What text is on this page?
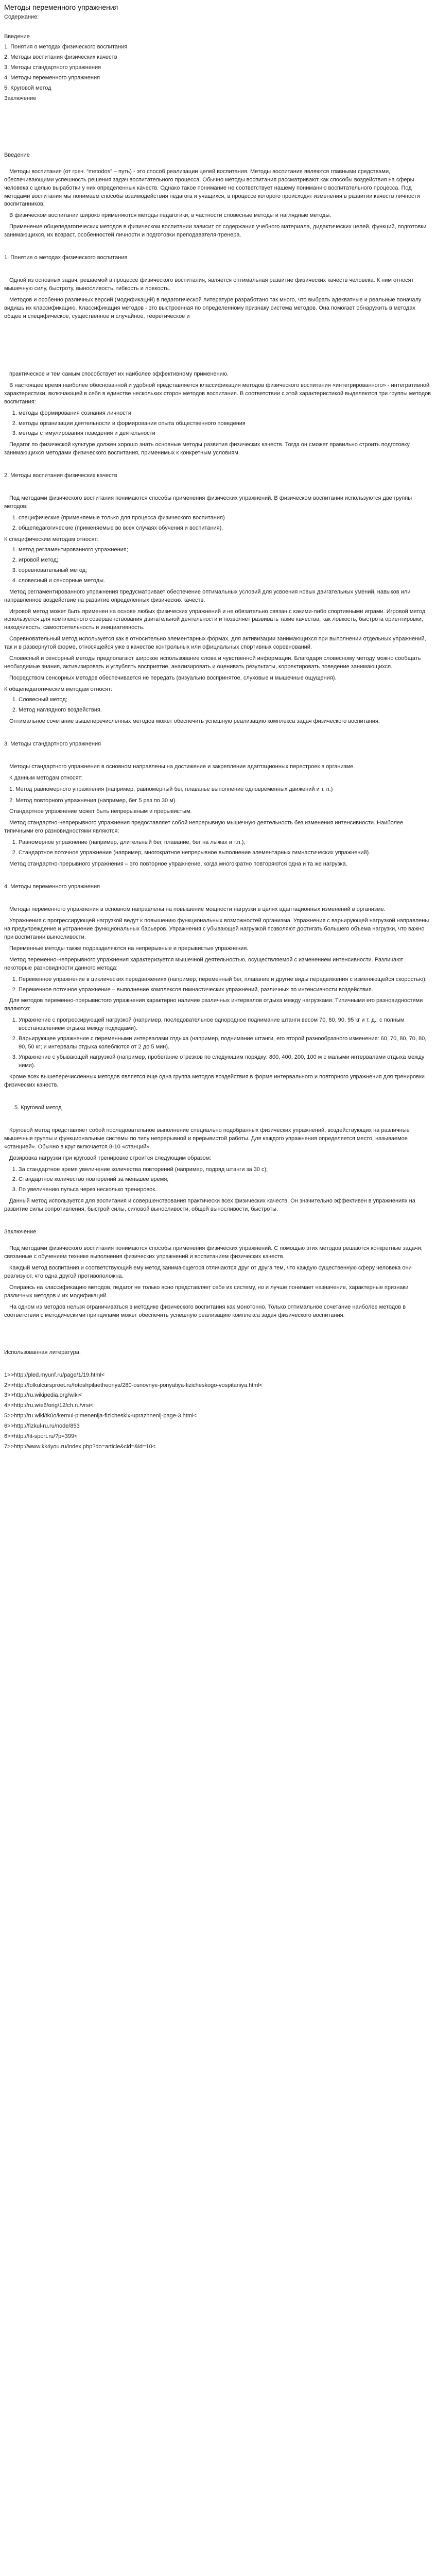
Методы переменного упражнения

Содержание:

Введение

1. Понятия о методах физического воспитания

2. Методы воспитания физических качеств

3. Методы стандартного упражнения

4. Методы переменного упражнения

5. Круговой метод

Заключение

Введение

Методы воспитания (от греч. “metodos” – путь) - это способ реализации целей воспитания. Методы воспитания являются главными средствами, обеспечивающими успешность решения задач воспитательного процесса. Обычно методы воспитания рассматривают как способы воздействия на сферы человека с целью выработки у них определенных качеств. Однако такое понимание не соответствует нашему пониманию воспитательного процесса. Под методами воспитания мы понимаем способы взаимодействия педагога и учащихся, в процессе которого происходят изменения в развитии качеств личности воспитанников.

В физическом воспитании широко применяются методы педагогики, в частности словесные методы и наглядные методы.

Применение общепедагогических методов в физическом воспитании зависит от содержания учебного материала, дидактических целей, функций, подготовки занимающихся, их возраст, особенностей личности и подготовки преподавателя-тренера.

1. Понятие о методах физического воспитания

Одной из основных задач, решаемой в процессе физического воспитания, является оптимальная развитие физических качеств человека. К ним относят мышечную силу, быстроту, выносливость, гибкость и ловкость.

Методов и особенно различных версий (модификаций) в педагогической литературе разработано так много, что выбрать адекватные и реальные поначалу видишь их классификацию. Классификация методов - это выстроенная по определенному признаку система методов. Она помогает обнаружить в методах общее и специфическое, существенное и случайное, теоретическое и

практическое и тем самым способствует их наиболее эффективному применению.

В настоящее время наиболее обоснованной и удобной представляется классификация методов физического воспитания «интегрированного» - интегративной характеристики, включающей в себя в единстве нескольких сторон методов воспитания. В соответствии с этой характеристикой выделяются три группы методов воспитания:

1. методы формирования сознания личности
2. методы организации деятельности и формирования опыта общественного поведения
3. методы стимулирования поведения и деятельности

Педагог по физической культуре должен хорошо знать основные методы развития физических качеств. Тогда он сможет правильно строить подготовку занимающихся методами физического воспитания, применимых к конкретным условиям.

2. Методы воспитания физических качеств

Под методами физического воспитания понимаются способы применения физических упражнений. В физическом воспитании используются две группы методов:

1. специфические (применяемые только для процесса физического воспитания)
2. общепедагогические (применяемые во всех случаях обучения и воспитания).

К специфическим методам относят:

1. метод регламентированного упражнения;
2. игровой метод;
3. соревновательный метод;
4. словесный и сенсорные методы.

Метод регламентированного упражнения предусматривает обеспечение оптимальных условий для усвоения новых двигательных умений, навыков или направленное воздействие на развитие определенных физических качеств.

Игровой метод может быть применен на основе любых физических упражнений и не обязательно связан с какими-либо спортивными играми. Игровой метод используется для комплексного совершенствования двигательной деятельности и позволяет развивать такие качества, как ловкость, быстрота ориентировки, находчивость, самостоятельность и инициативность.

Соревновательный метод используется как в относительно элементарных формах, для активизации занимающихся при выполнении отдельных упражнений, так и в развернутой форме, относящейся уже в качестве контрольных или официальных спортивных соревнований.

Словесный и сенсорный методы предполагают широкое использование слова и чувственной информации. Благодаря словесному методу можно сообщать необходимые знания, активизировать и углублять восприятие, анализировать и оценивать результаты, корректировать поведение занимающихся.

Посредством сенсорных методов обеспечивается не передать (визуально воспринятое, слуховые и мышечные ощущения).

К общепедагогическим методам относят:

1. Словесный метод;
2. Метод наглядного воздействия.

Оптимальное сочетание вышеперечисленных методов может обеспечить успешную реализацию комплекса задач физического воспитания.

3. Методы стандартного упражнения

Методы стандартного упражнения в основном направлены на достижение и закрепление адаптационных перестроек в организме.

К данным методам относят:

1. Метод равномерного упражнения (например, равномерный бег, плаванье выполнение одновременных движений и т. п.)

2. Метод повторного упражнения (например, бег 5 раз по 30 м).

Стандартное упражнение может быть непрерывным и прерывистым.

Метод стандартно-непрерывного упражнения предоставляет собой непрерывную мышечную деятельность без изменения интенсивности. Наиболее типичными его разновидностями являются:

1. Равномерное упражнение (например, длительный бег, плавание, бег на лыжах и т.п.);
2. Стандартное поточное упражнение (например, многократное непрерывное выполнение элементарных гимнастических упражнений).

Метод стандартно-прерывного упражнения – это повторное упражнение, когда многократно повторяются одна и та же нагрузка.

4. Методы переменного упражнения

Методы переменного упражнения в основном направлены на повышение мощности нагрузки в целях адаптационных изменений в организме.

Упражнения с прогрессирующей нагрузкой ведут к повышению функциональных возможностей организма. Упражнения с варьирующей нагрузкой направлены на предупреждение и устранение функциональных барьеров. Упражнения с убывающей нагрузкой позволяют достигать большего объема нагрузки, что важно при воспитании выносливости.

Переменные методы также подразделяются на непрерывные и прерывистые упражнения.

Метод переменно-непрерывного упражнения характеризуется мышечной деятельностью, осуществляемой с изменением интенсивности. Различают некоторые разновидности данного метода:

1. Переменное упражнение в циклических передвижениях (например, переменный бег, плавание и другие виды передвижения с изменяющейся скоростью);
2. Переменное поточное упражнение – выполнение комплексов гимнастических упражнений, различных по интенсивности воздействия.

Для методов переменно-прерывистого упражнения характерно наличие различных интервалов отдыха между нагрузками. Типичными его разновидностями являются:

1. Упражнение с прогрессирующей нагрузкой (например, последовательное однородное поднимание штанги весом 70, 80, 90, 95 кг и т. д., с полным восстановлением отдыха между подходами).
2. Варьирующее упражнение с переменными интервалами отдыха (например, поднимание штанги, его второй разнообразного изменения: 60, 70, 80, 70, 80, 90, 50 кг; и интервалы отдыха колеблются от 2 до 5 мин).
3. Упражнение с убывающей нагрузкой (например, пробегание отрезков по следующим порядку: 800, 400, 200, 100 м с малыми интервалами отдыха между ними).

Кроме всех вышеперечисленных методов является еще одна группа методов воздействия в форме интервального и повторного упражнения для тренировки физических качеств.

5. Круговой метод

Круговой метод представляет собой последовательное выполнение специально подобранных физических упражнений, воздействующих на различные мышечные группы и функциональные системы по типу непрерывной и прерывистой работы. Для каждого упражнения определяется место, называемое «станцией». Обычно в круг включается 8-10 «станций».

Дозировка нагрузки при круговой тренировке строится следующим образом:

1. За стандартное время увеличение количества повторений (например, подряд штанги за 30 с);
2. Стандартное количество повторений за меньшее время;
3. По увеличению пульса через несколько тренировок.

Данный метод используется для воспитания и совершенствования практически всех физических качеств. Он значительно эффективен в упражнениях на развитие силы сопротивления, быстрой силы, силовой выносливости, общей выносливости, быстроты.

Заключение

Под методами физического воспитания понимаются способы применения физических упражнений. С помощью этих методов решаются конкретные задачи, связанные с обучением технике выполнения физических упражнений и воспитанием физических качеств.

Каждый метод воспитания и соответствующий ему метод занимающегося отличаются друг от друга тем, что каждую существенную сферу человека они реализуют, что одна другой противоположна.

Опираясь на классификацию методов, педагог не только ясно представляет себе их систему, но и лучше понимает назначение, характерные признаки различных методов и их модификаций.

На одном из методов нельзя ограничиваться в методике физического воспитания как монотонно. Только оптимальное сочетание наиболее методов в соответствии с методическими принципами может обеспечить успешную реализацию комплекса задач физического воспитания.

Использованная литература:

1>>http://pled.myunf.ru/page/1/19.html<
2>>http://folkulcursproet.ru/fotoshpilaetheoriya/280-osnovnye-ponyatiya-fizicheskogo-vospitaniya.html<
3>>http://ru.wikipedia.org/wiki<
4>>http://ru.w/e6/orig/12/ch.ru/vrsi<
5>>http://ru.wiki/tk0o/kernul-pimenenija-fizicheskix-uprazhnenij-page-3.html<
6>>http://fizkul-ru.ru/node/853
6>>http://fit-sport.ru/?p=399<
7>>http://www.kk4you.ru/index.php?do=article&cid=​&id=10<
